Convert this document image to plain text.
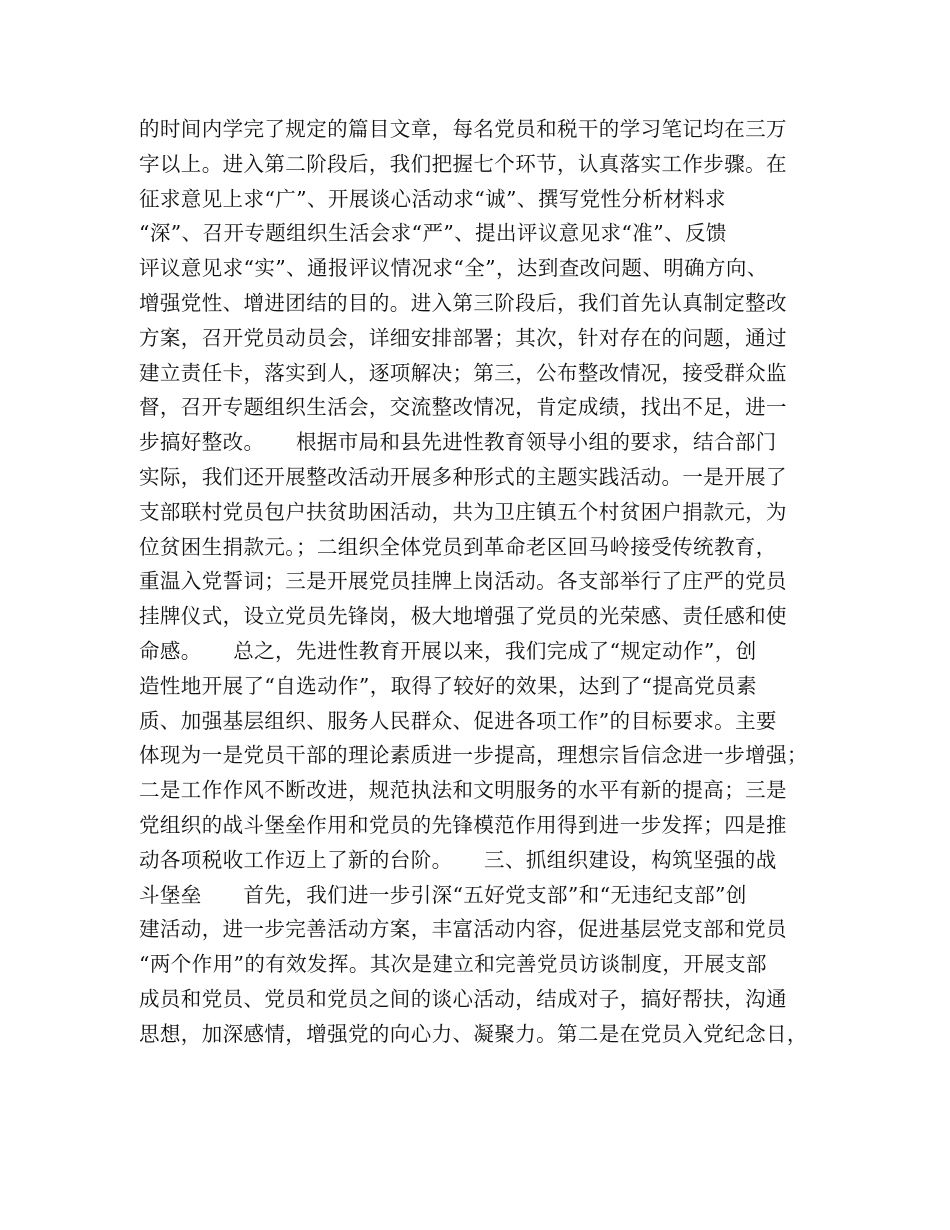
的时间内学完了规定的篇目文章，每名党员和税干的学习笔记均在三万
字以上。进入第二阶段后，我们把握七个环节，认真落实工作步骤。在
征求意见上求“广”、开展谈心活动求“诚”、撰写党性分析材料求
“深”、召开专题组织生活会求“严”、提出评议意见求“准”、反馈
评议意见求“实”、通报评议情况求“全”，达到查改问题、明确方向、
增强党性、增进团结的目的。进入第三阶段后，我们首先认真制定整改
方案，召开党员动员会，详细安排部署；其次，针对存在的问题，通过
建立责任卡，落实到人，逐项解决；第三，公布整改情况，接受群众监
督，召开专题组织生活会，交流整改情况，肯定成绩，找出不足，进一
步搞好整改。　　根据市局和县先进性教育领导小组的要求，结合部门
实际，我们还开展整改活动开展多种形式的主题实践活动。一是开展了
支部联村党员包户扶贫助困活动，共为卫庄镇五个村贫困户捐款元，为
位贫困生捐款元。；二组织全体党员到革命老区回马岭接受传统教育，
重温入党誓词；三是开展党员挂牌上岗活动。各支部举行了庄严的党员
挂牌仪式，设立党员先锋岗，极大地增强了党员的光荣感、责任感和使
命感。　　总之，先进性教育开展以来，我们完成了“规定动作”，创
造性地开展了“自选动作”，取得了较好的效果，达到了“提高党员素
质、加强基层组织、服务人民群众、促进各项工作”的目标要求。主要
体现为一是党员干部的理论素质进一步提高，理想宗旨信念进一步增强；
二是工作作风不断改进，规范执法和文明服务的水平有新的提高；三是
党组织的战斗堡垒作用和党员的先锋模范作用得到进一步发挥；四是推
动各项税收工作迈上了新的台阶。　　三、抓组织建设，构筑坚强的战
斗堡垒　　首先，我们进一步引深“五好党支部”和“无违纪支部”创
建活动，进一步完善活动方案，丰富活动内容，促进基层党支部和党员
“两个作用”的有效发挥。其次是建立和完善党员访谈制度，开展支部
成员和党员、党员和党员之间的谈心活动，结成对子，搞好帮扶，沟通
思想，加深感情，增强党的向心力、凝聚力。第二是在党员入党纪念日，
